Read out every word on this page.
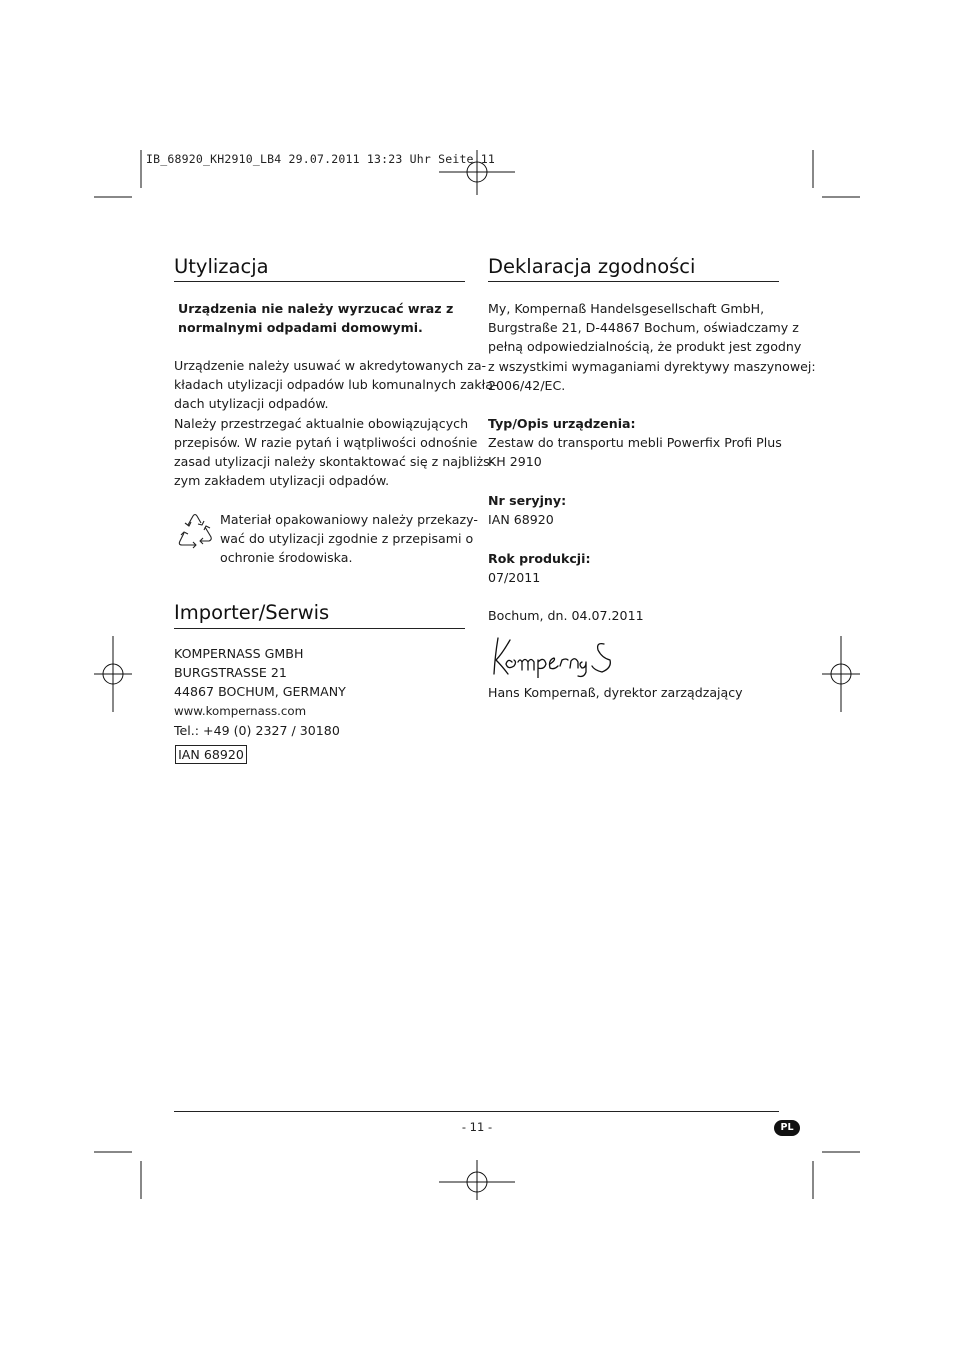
IB_68920_KH2910_LB4 29.07.2011 13:23 Uhr Seite 11
Utylizacja
Urządzenia nie należy wyrzucać wraz z
normalnymi odpadami domowymi.
Urządzenie należy usuwać w akredytowanych za-
kładach utylizacji odpadów lub komunalnych zakła-
dach utylizacji odpadów.
Należy przestrzegać aktualnie obowiązujących
przepisów. W razie pytań i wątpliwości odnośnie
zasad utylizacji należy skontaktować się z najbliżs-
zym zakładem utylizacji odpadów.
Materiał opakowaniowy należy przekazy-
wać do utylizacji zgodnie z przepisami o
ochronie środowiska.
Importer/Serwis
KOMPERNASS GMBH
BURGSTRASSE 21
44867 BOCHUM, GERMANY
www.kompernass.com
Tel.: +49 (0) 2327 / 30180
IAN 68920
Deklaracja zgodności
My, Kompernaß Handelsgesellschaft GmbH,
Burgstraße 21, D-44867 Bochum, oświadczamy z
pełną odpowiedzialnością, że produkt jest zgodny
z wszystkimi wymaganiami dyrektywy maszynowej:
2006/42/EC.
Typ/Opis urządzenia:
Zestaw do transportu mebli Powerfix Profi Plus
KH 2910
Nr seryjny:
IAN 68920
Rok produkcji:
07/2011
Bochum, dn. 04.07.2011
Hans Kompernaß, dyrektor zarządzający
- 11 -	PL
